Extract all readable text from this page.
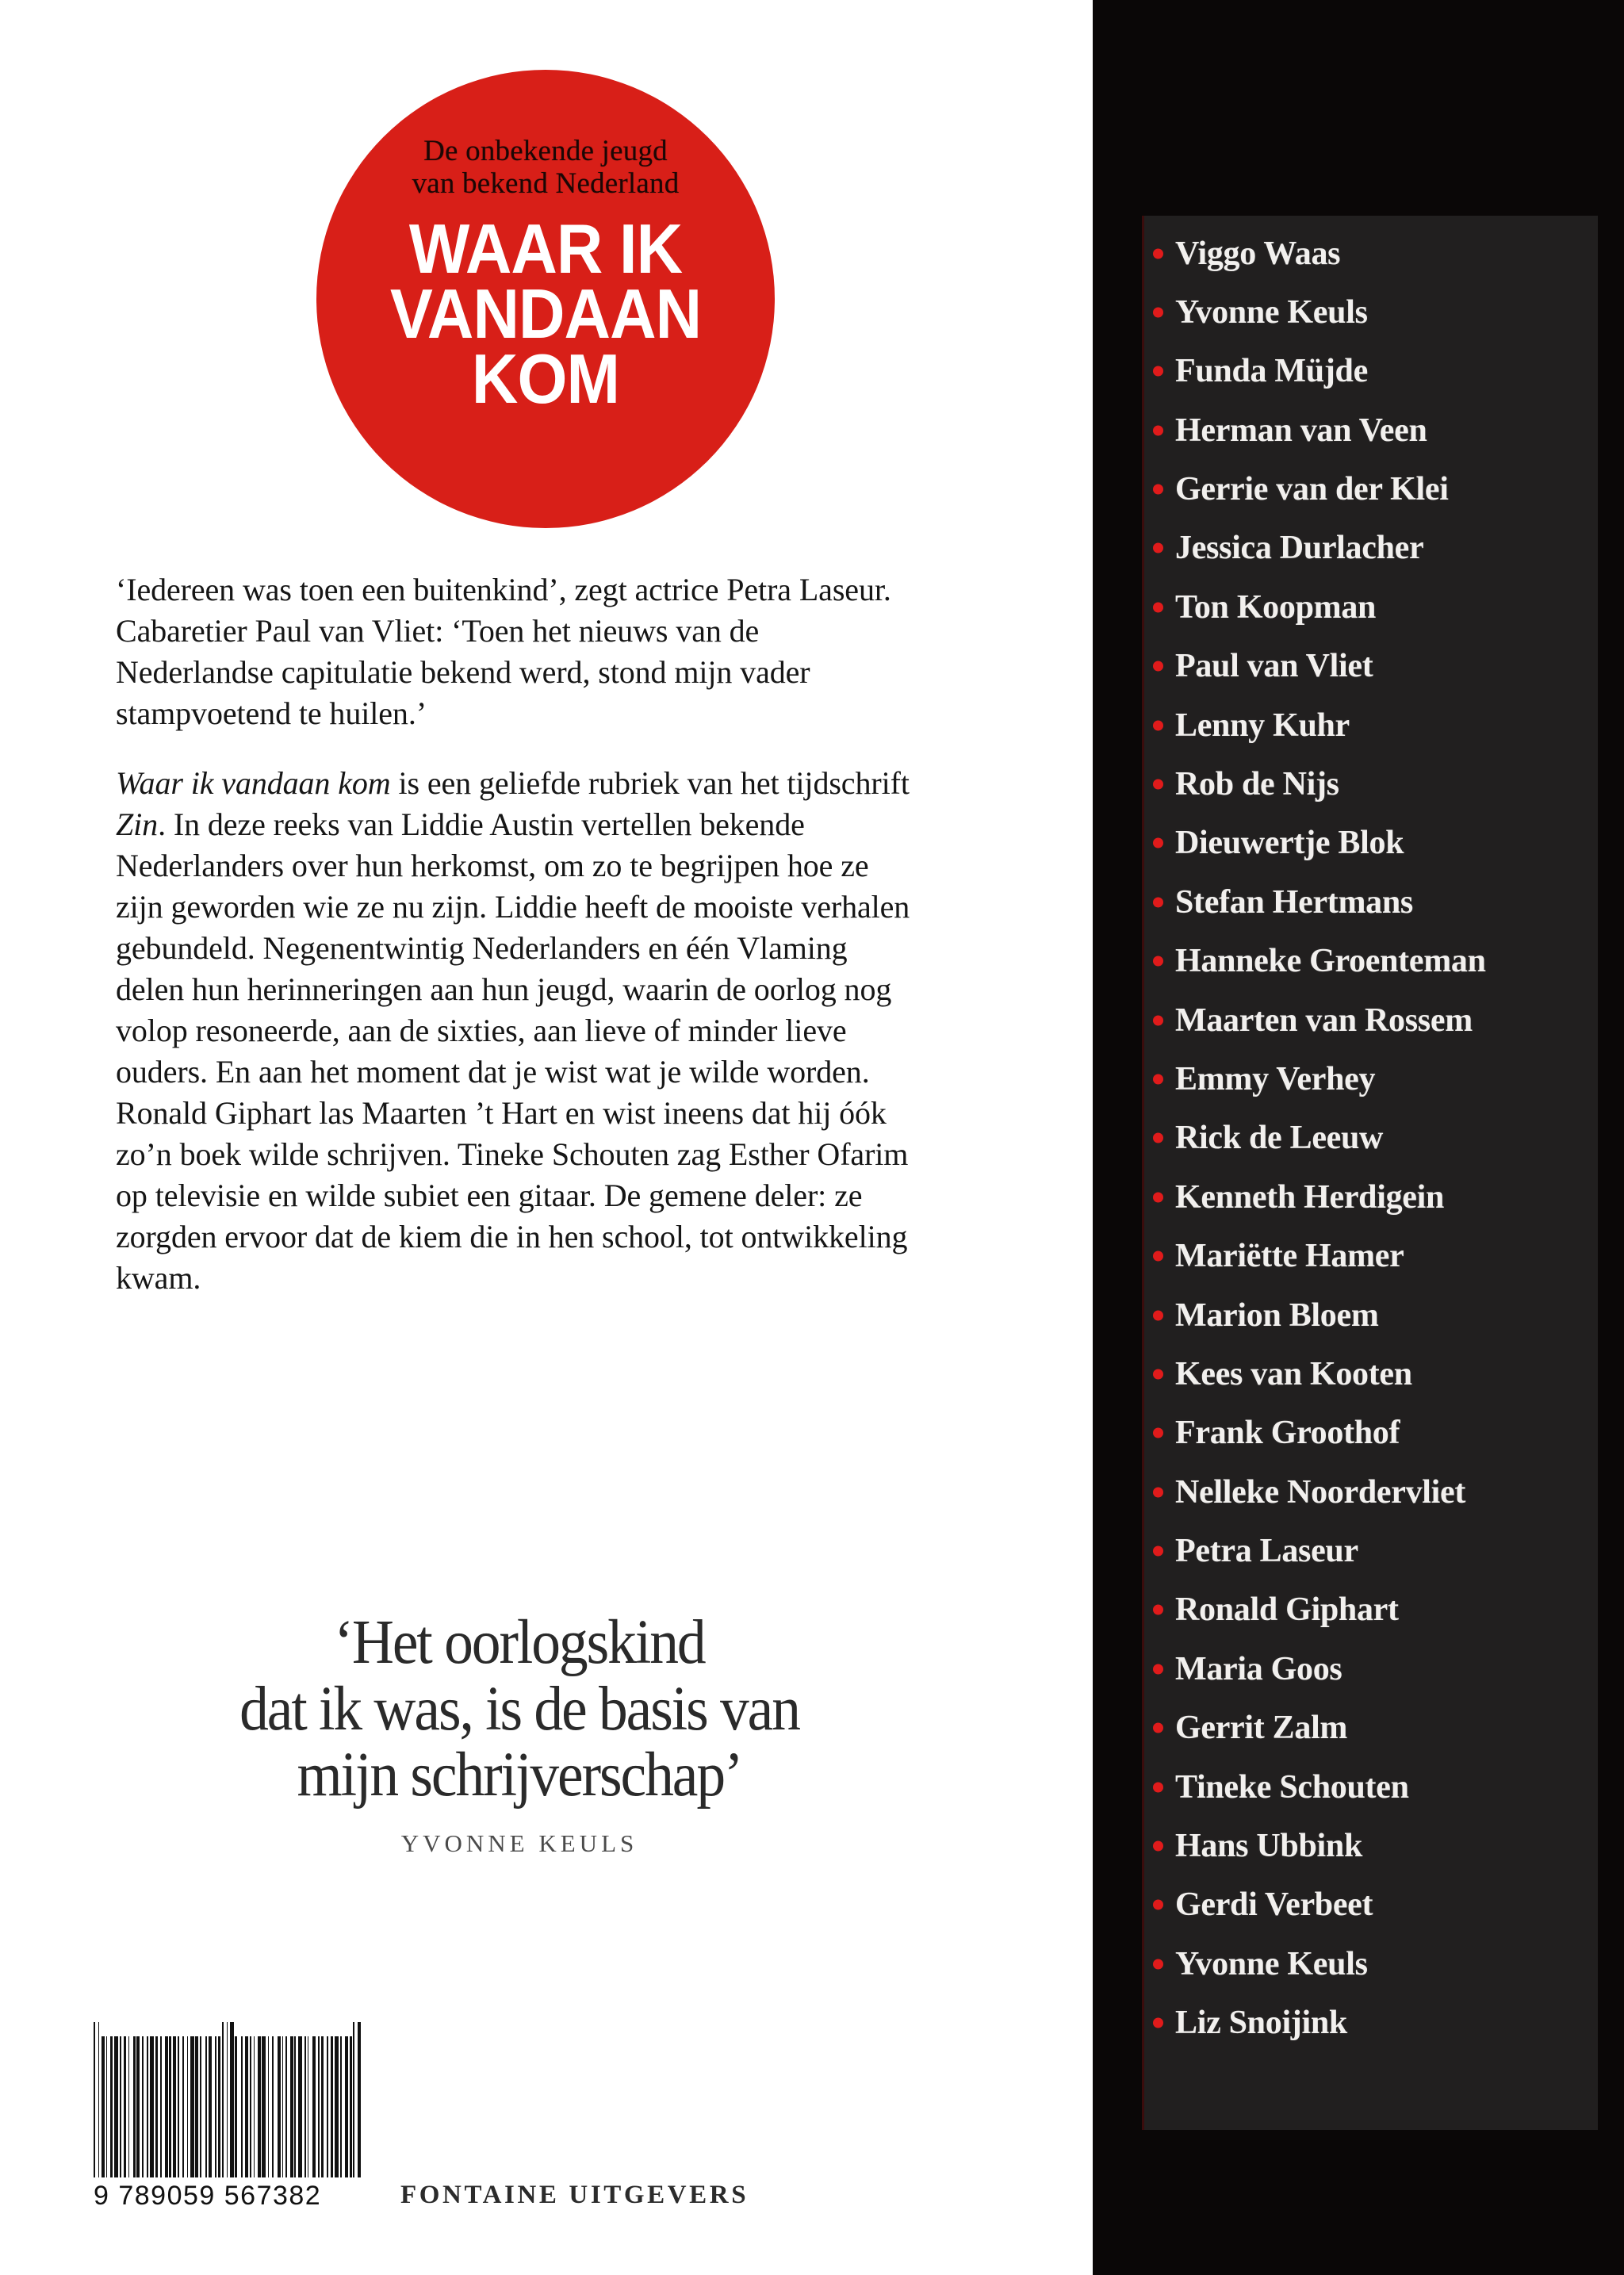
De onbekende jeugd
van bekend Nederland
WAAR IK
VANDAAN
KOM

‘Iedereen was toen een buitenkind’, zegt actrice Petra Laseur. Cabaretier Paul van Vliet: ‘Toen het nieuws van de Nederlandse capitulatie bekend werd, stond mijn vader stampvoetend te huilen.’

Waar ik vandaan kom is een geliefde rubriek van het tijdschrift Zin. In deze reeks van Liddie Austin vertellen bekende Nederlanders over hun herkomst, om zo te begrijpen hoe ze zijn geworden wie ze nu zijn. Liddie heeft de mooiste verhalen gebundeld. Negenentwintig Nederlanders en één Vlaming delen hun herinneringen aan hun jeugd, waarin de oorlog nog volop resoneerde, aan de sixties, aan lieve of minder lieve ouders. En aan het moment dat je wist wat je wilde worden. Ronald Giphart las Maarten ’t Hart en wist ineens dat hij óók zo’n boek wilde schrijven. Tineke Schouten zag Esther Ofarim op televisie en wilde subiet een gitaar. De gemene deler: ze zorgden ervoor dat de kiem die in hen school, tot ontwikkeling kwam.

‘Het oorlogskind
dat ik was, is de basis van
mijn schrijverschap’
YVONNE KEULS
9 789059 567382	FONTAINE UITGEVERS
Viggo Waas
Yvonne Keuls
Funda Müjde
Herman van Veen
Gerrie van der Klei
Jessica Durlacher
Ton Koopman
Paul van Vliet
Lenny Kuhr
Rob de Nijs
Dieuwertje Blok
Stefan Hertmans
Hanneke Groenteman
Maarten van Rossem
Emmy Verhey
Rick de Leeuw
Kenneth Herdigein
Mariëtte Hamer
Marion Bloem
Kees van Kooten
Frank Groothof
Nelleke Noordervliet
Petra Laseur
Ronald Giphart
Maria Goos
Gerrit Zalm
Tineke Schouten
Hans Ubbink
Gerdi Verbeet
Yvonne Keuls
Liz Snoijink
